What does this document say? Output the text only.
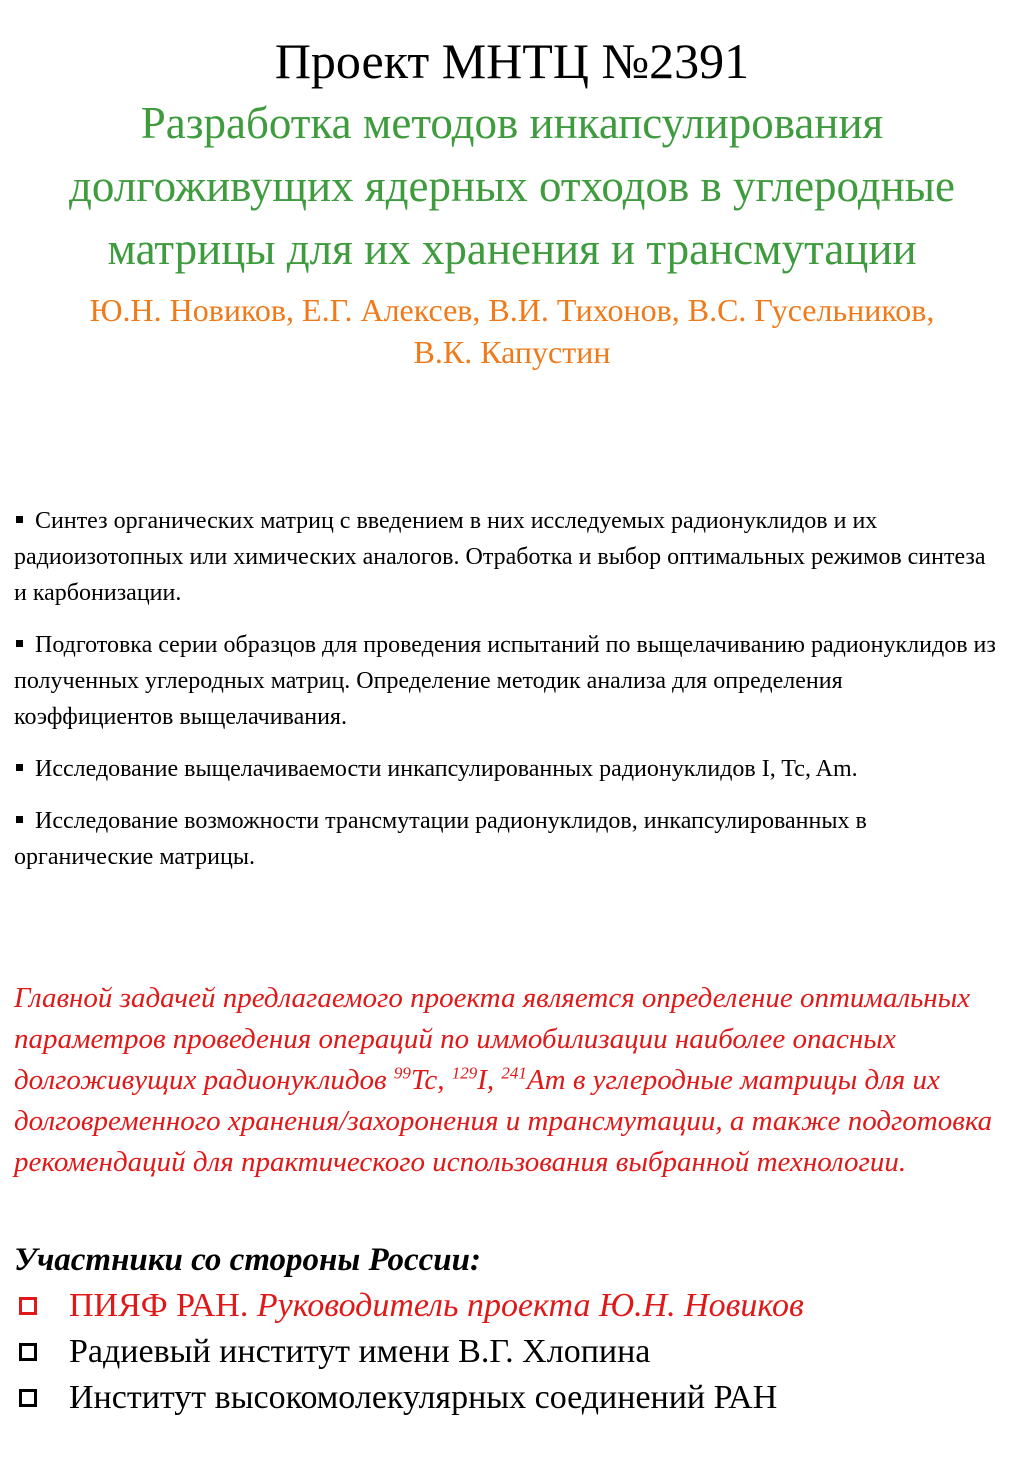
Проект МНТЦ №2391
Разработка методов инкапсулирования долгоживущих ядерных отходов в углеродные матрицы для их хранения и трансмутации
Ю.Н. Новиков, Е.Г. Алексев, В.И. Тихонов, В.С. Гусельников, В.К. Капустин
Синтез органических матриц с введением в них исследуемых радионуклидов и их радиоизотопных или химических аналогов. Отработка и выбор оптимальных режимов синтеза и карбонизации.
Подготовка серии образцов для проведения испытаний по выщелачиванию радионуклидов из полученных углеродных матриц. Определение методик анализа для определения коэффициентов выщелачивания.
Исследование выщелачиваемости инкапсулированных радионуклидов I, Tc, Am.
Исследование возможности трансмутации радионуклидов, инкапсулированных в органические матрицы.
Главной задачей предлагаемого проекта является определение оптимальных параметров проведения операций по иммобилизации наиболее опасных долгоживущих радионуклидов $^{99}$Tc, $^{129}$I, $^{241}$Am в углеродные матрицы для их долговременного хранения/захоронения и трансмутации, а также подготовка рекомендаций для практического использования выбранной технологии.
Участники со стороны России:
ПИЯФ РАН. Руководитель проекта Ю.Н. Новиков
Радиевый институт имени В.Г. Хлопина
Институт высокомолекулярных соединений РАН
